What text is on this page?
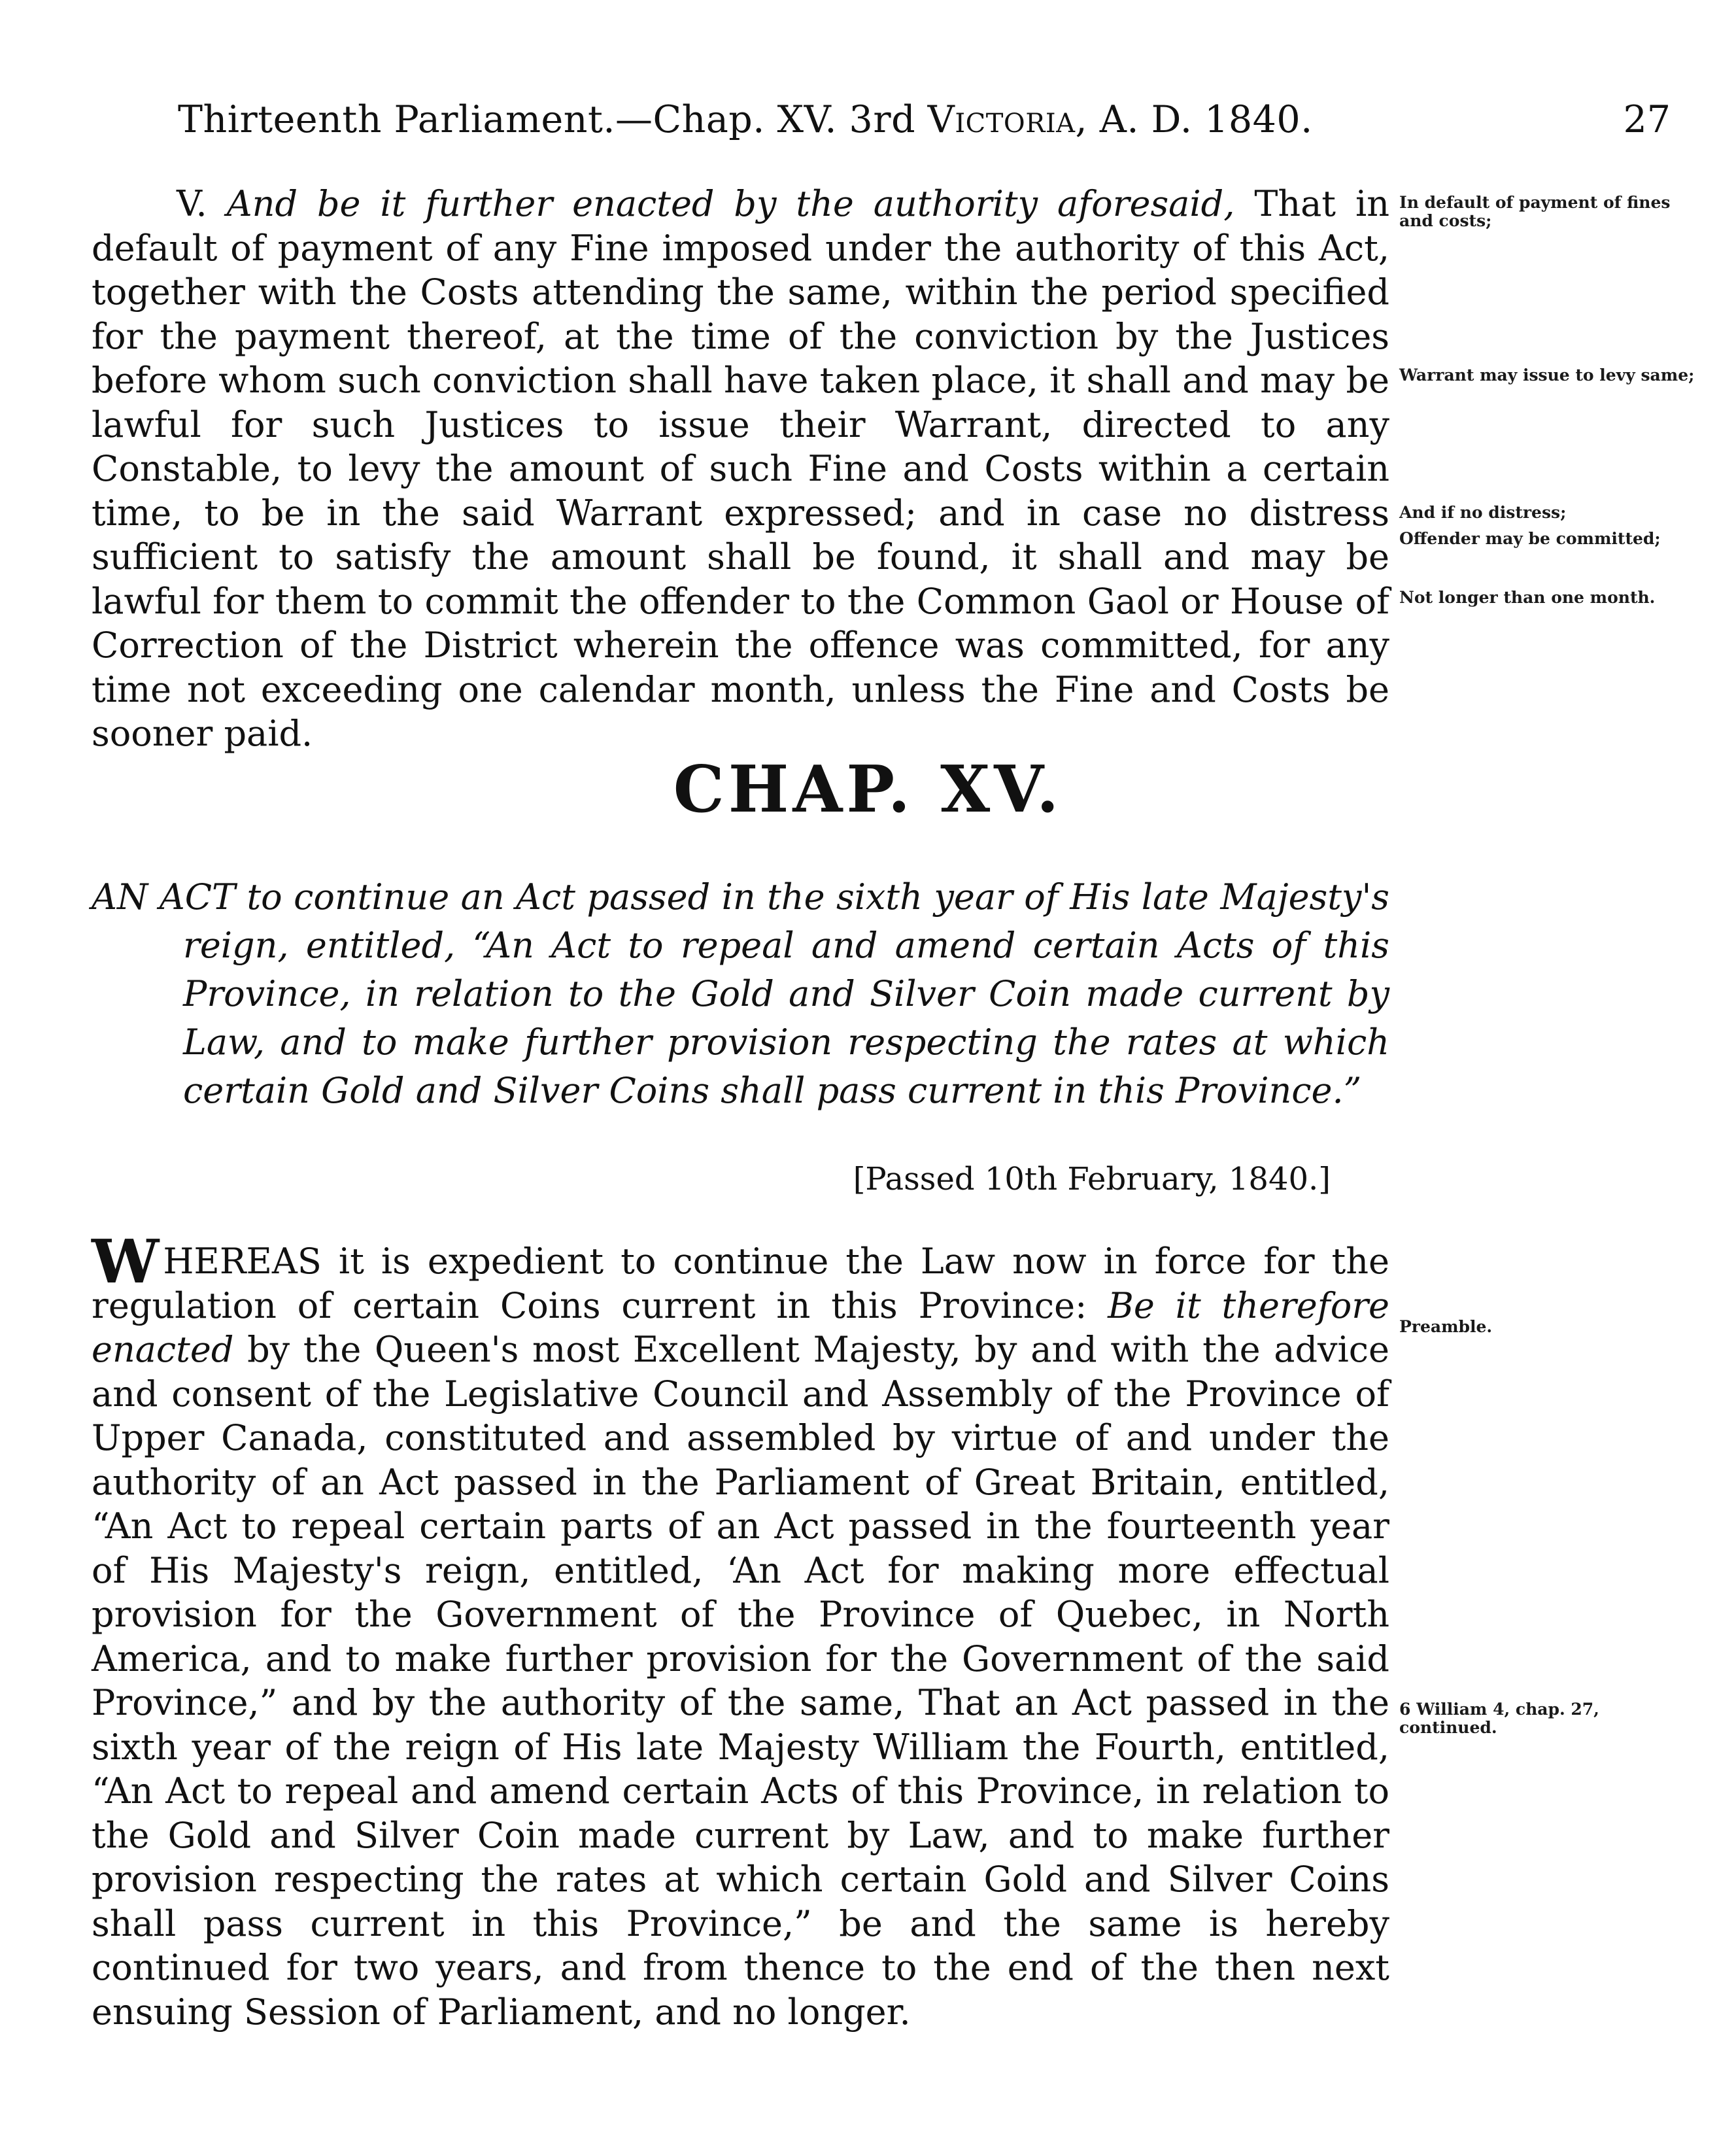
Thirteenth Parliament.—Chap. XV. 3rd Victoria, A. D. 1840.	27

V. And be it further enacted by the authority aforesaid, That in default of payment of any Fine imposed under the authority of this Act, together with the Costs attending the same, within the period specified for the payment thereof, at the time of the conviction by the Justices before whom such conviction shall have taken place, it shall and may be lawful for such Justices to issue their Warrant, directed to any Constable, to levy the amount of such Fine and Costs within a certain time, to be in the said Warrant expressed; and in case no distress sufficient to satisfy the amount shall be found, it shall and may be lawful for them to commit the offender to the Common Gaol or House of Correction of the District wherein the offence was committed, for any time not exceeding one calendar month, unless the Fine and Costs be sooner paid.

In default of payment of fines and costs;
Warrant may issue to levy same;
And if no distress;
Offender may be committed;
Not longer than one month.
CHAP. XV.
AN ACT to continue an Act passed in the sixth year of His late Majesty's reign, entitled, “An Act to repeal and amend certain Acts of this Province, in relation to the Gold and Silver Coin made current by Law, and to make further provision respecting the rates at which certain Gold and Silver Coins shall pass current in this Province.”
[Passed 10th February, 1840.]

WHEREAS it is expedient to continue the Law now in force for the regulation of certain Coins current in this Province: Be it therefore enacted by the Queen's most Excellent Majesty, by and with the advice and consent of the Legislative Council and Assembly of the Province of Upper Canada, constituted and assembled by virtue of and under the authority of an Act passed in the Parliament of Great Britain, entitled, “An Act to repeal certain parts of an Act passed in the fourteenth year of His Majesty's reign, entitled, ‘An Act for making more effectual provision for the Government of the Province of Quebec, in North America, and to make further provision for the Government of the said Province,” and by the authority of the same, That an Act passed in the sixth year of the reign of His late Majesty William the Fourth, entitled, “An Act to repeal and amend certain Acts of this Province, in relation to the Gold and Silver Coin made current by Law, and to make further provision respecting the rates at which certain Gold and Silver Coins shall pass current in this Province,” be and the same is hereby continued for two years, and from thence to the end of the then next ensuing Session of Parliament, and no longer.

Preamble.
6 William 4, chap. 27, continued.
